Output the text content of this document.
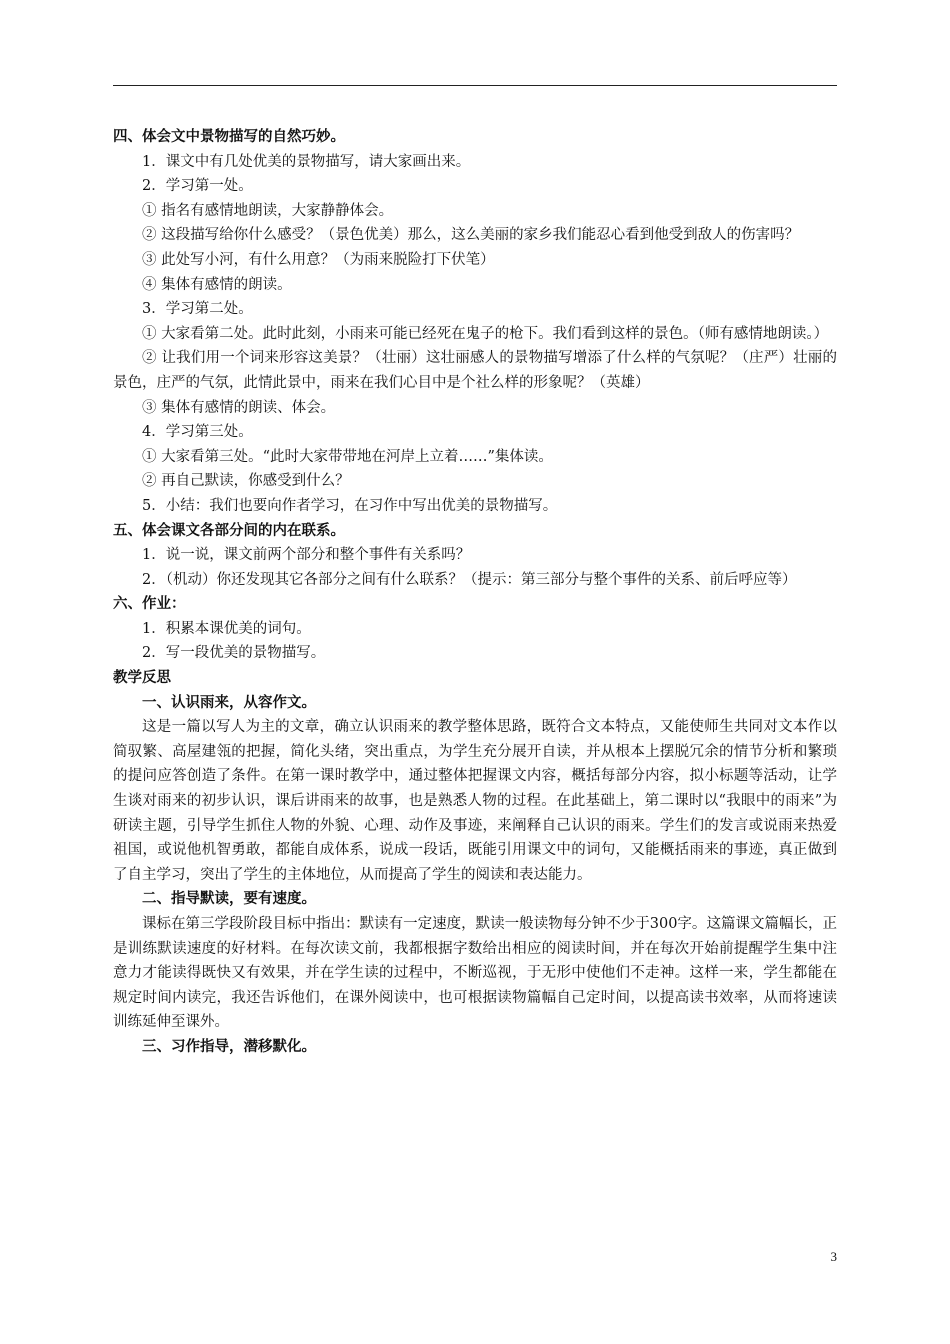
四、体会文中景物描写的自然巧妙。

1．课文中有几处优美的景物描写，请大家画出来。

2．学习第一处。

① 指名有感情地朗读，大家静静体会。

② 这段描写给你什么感受？（景色优美）那么，这么美丽的家乡我们能忍心看到他受到敌人的伤害吗？

③ 此处写小河，有什么用意？（为雨来脱险打下伏笔）

④ 集体有感情的朗读。

3．学习第二处。

① 大家看第二处。此时此刻，小雨来可能已经死在鬼子的枪下。我们看到这样的景色。（师有感情地朗读。）

② 让我们用一个词来形容这美景？（壮丽）这壮丽感人的景物描写增添了什么样的气氛呢？（庄严）壮丽的景色，庄严的气氛，此情此景中，雨来在我们心目中是个社么样的形象呢？（英雄）

③ 集体有感情的朗读、体会。

4．学习第三处。

① 大家看第三处。“此时大家带带地在河岸上立着……”集体读。

② 再自己默读，你感受到什么？

5．小结：我们也要向作者学习，在习作中写出优美的景物描写。

五、体会课文各部分间的内在联系。

1．说一说，课文前两个部分和整个事件有关系吗？

2．（机动）你还发现其它各部分之间有什么联系？（提示：第三部分与整个事件的关系、前后呼应等）

六、作业：

1．积累本课优美的词句。

2．写一段优美的景物描写。

教学反思

一、认识雨来，从容作文。

这是一篇以写人为主的文章，确立认识雨来的教学整体思路，既符合文本特点，又能使师生共同对文本作以简驭繁、高屋建瓴的把握，简化头绪，突出重点，为学生充分展开自读，并从根本上摆脱冗余的情节分析和繁琐的提问应答创造了条件。在第一课时教学中，通过整体把握课文内容，概括每部分内容，拟小标题等活动，让学生谈对雨来的初步认识，课后讲雨来的故事，也是熟悉人物的过程。在此基础上，第二课时以“我眼中的雨来”为研读主题，引导学生抓住人物的外貌、心理、动作及事迹，来阐释自己认识的雨来。学生们的发言或说雨来热爱祖国，或说他机智勇敢，都能自成体系，说成一段话，既能引用课文中的词句，又能概括雨来的事迹，真正做到了自主学习，突出了学生的主体地位，从而提高了学生的阅读和表达能力。

二、指导默读，要有速度。

课标在第三学段阶段目标中指出：默读有一定速度，默读一般读物每分钟不少于300字。这篇课文篇幅长，正是训练默读速度的好材料。在每次读文前，我都根据字数给出相应的阅读时间，并在每次开始前提醒学生集中注意力才能读得既快又有效果，并在学生读的过程中，不断巡视，于无形中使他们不走神。这样一来，学生都能在规定时间内读完，我还告诉他们，在课外阅读中，也可根据读物篇幅自己定时间，以提高读书效率，从而将速读训练延伸至课外。

三、习作指导，潜移默化。

3
